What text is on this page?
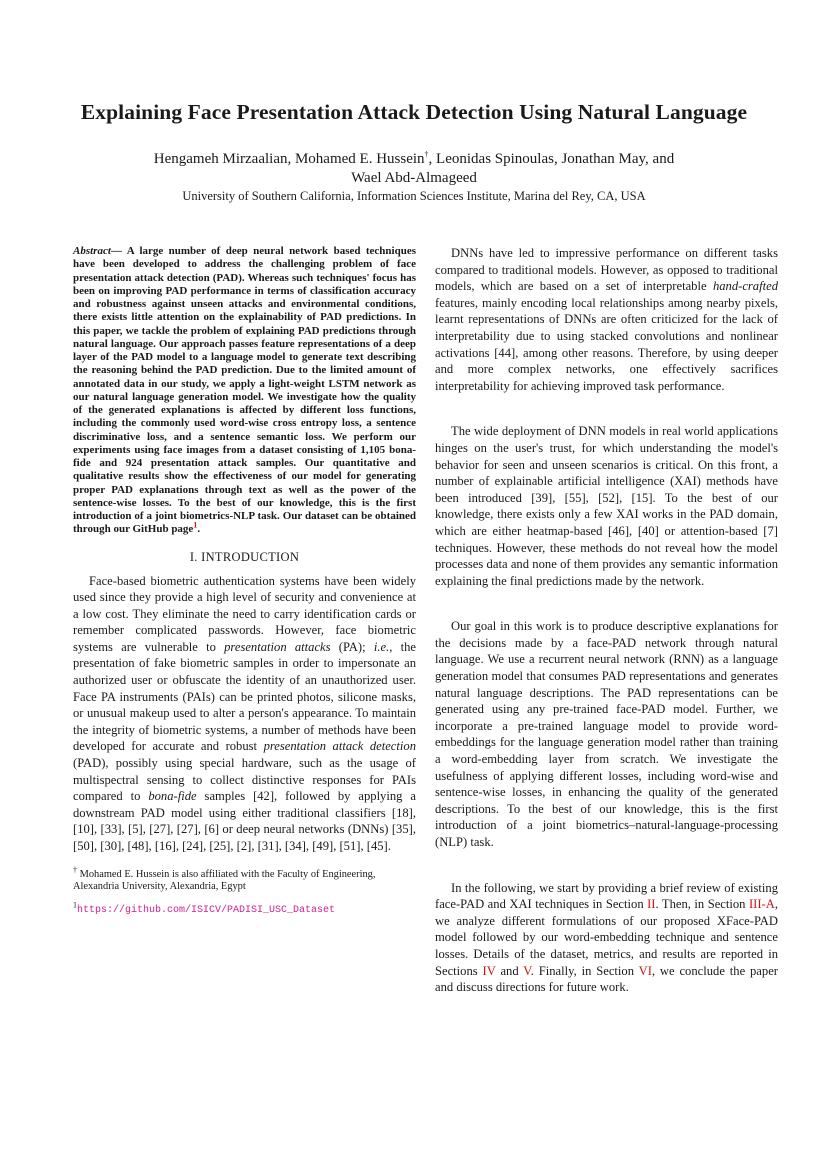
Explaining Face Presentation Attack Detection Using Natural Language
Hengameh Mirzaalian, Mohamed E. Hussein†, Leonidas Spinoulas, Jonathan May, and
Wael Abd-Almageed
University of Southern California, Information Sciences Institute, Marina del Rey, CA, USA

Abstract— A large number of deep neural network based techniques have been developed to address the challenging problem of face presentation attack detection (PAD). Whereas such techniques' focus has been on improving PAD performance in terms of classification accuracy and robustness against unseen attacks and environmental conditions, there exists little attention on the explainability of PAD predictions. In this paper, we tackle the problem of explaining PAD predictions through natural language. Our approach passes feature representations of a deep layer of the PAD model to a language model to generate text describing the reasoning behind the PAD prediction. Due to the limited amount of annotated data in our study, we apply a light-weight LSTM network as our natural language generation model. We investigate how the quality of the generated explanations is affected by different loss functions, including the commonly used word-wise cross entropy loss, a sentence discriminative loss, and a sentence semantic loss. We perform our experiments using face images from a dataset consisting of 1,105 bona-fide and 924 presentation attack samples. Our quantitative and qualitative results show the effectiveness of our model for generating proper PAD explanations through text as well as the power of the sentence-wise losses. To the best of our knowledge, this is the first introduction of a joint biometrics-NLP task. Our dataset can be obtained through our GitHub page$^1$.

I. INTRODUCTION

Face-based biometric authentication systems have been widely used since they provide a high level of security and convenience at a low cost. They eliminate the need to carry identification cards or remember complicated passwords. However, face biometric systems are vulnerable to presentation attacks (PA); i.e., the presentation of fake biometric samples in order to impersonate an authorized user or obfuscate the identity of an unauthorized user. Face PA instruments (PAIs) can be printed photos, silicone masks, or unusual makeup used to alter a person's appearance. To maintain the integrity of biometric systems, a number of methods have been developed for accurate and robust presentation attack detection (PAD), possibly using special hardware, such as the usage of multispectral sensing to collect distinctive responses for PAIs compared to bona-fide samples [42], followed by applying a downstream PAD model using either traditional classifiers [18], [10], [33], [5], [27], [27], [6] or deep neural networks (DNNs) [35], [50], [30], [48], [16], [24], [25], [2], [31], [34], [49], [51], [45].

† Mohamed E. Hussein is also affiliated with the Faculty of Engineering, Alexandria University, Alexandria, Egypt
$^1$https://github.com/ISICV/PADISI_USC_Dataset

DNNs have led to impressive performance on different tasks compared to traditional models. However, as opposed to traditional models, which are based on a set of interpretable hand-crafted features, mainly encoding local relationships among nearby pixels, learnt representations of DNNs are often criticized for the lack of interpretability due to using stacked convolutions and nonlinear activations [44], among other reasons. Therefore, by using deeper and more complex networks, one effectively sacrifices interpretability for achieving improved task performance.

The wide deployment of DNN models in real world applications hinges on the user's trust, for which understanding the model's behavior for seen and unseen scenarios is critical. On this front, a number of explainable artificial intelligence (XAI) methods have been introduced [39], [55], [52], [15]. To the best of our knowledge, there exists only a few XAI works in the PAD domain, which are either heatmap-based [46], [40] or attention-based [7] techniques. However, these methods do not reveal how the model processes data and none of them provides any semantic information explaining the final predictions made by the network.

Our goal in this work is to produce descriptive explanations for the decisions made by a face-PAD network through natural language. We use a recurrent neural network (RNN) as a language generation model that consumes PAD representations and generates natural language descriptions. The PAD representations can be generated using any pre-trained face-PAD model. Further, we incorporate a pre-trained language model to provide word-embeddings for the language generation model rather than training a word-embedding layer from scratch. We investigate the usefulness of applying different losses, including word-wise and sentence-wise losses, in enhancing the quality of the generated descriptions. To the best of our knowledge, this is the first introduction of a joint biometrics–natural-language-processing (NLP) task.

In the following, we start by providing a brief review of existing face-PAD and XAI techniques in Section II. Then, in Section III-A, we analyze different formulations of our proposed XFace-PAD model followed by our word-embedding technique and sentence losses. Details of the dataset, metrics, and results are reported in Sections IV and V. Finally, in Section VI, we conclude the paper and discuss directions for future work.
